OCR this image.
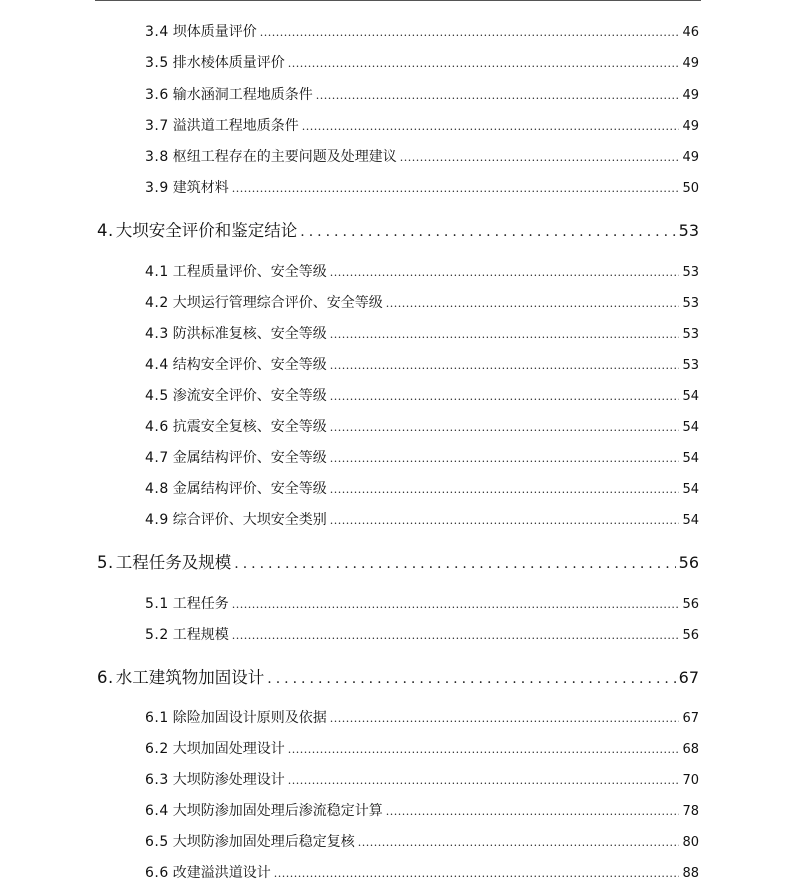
3.4 坝体质量评价 .....	46
3.5 排水棱体质量评价 .....	49
3.6 输水涵洞工程地质条件 .....	49
3.7 溢洪道工程地质条件 .....	49
3.8 枢纽工程存在的主要问题及处理建议 .....	49
3.9 建筑材料 .....	50
4. 大坝安全评价和鉴定结论 .....	53
4.1 工程质量评价、安全等级 .....	53
4.2 大坝运行管理综合评价、安全等级 .....	53
4.3 防洪标准复核、安全等级 .....	53
4.4 结构安全评价、安全等级 .....	53
4.5 渗流安全评价、安全等级 .....	54
4.6 抗震安全复核、安全等级 .....	54
4.7 金属结构评价、安全等级 .....	54
4.8 金属结构评价、安全等级 .....	54
4.9 综合评价、大坝安全类别 .....	54
5. 工程任务及规模 .....	56
5.1 工程任务 .....	56
5.2 工程规模 .....	56
6. 水工建筑物加固设计 .....	67
6.1 除险加固设计原则及依据 .....	67
6.2 大坝加固处理设计 .....	68
6.3 大坝防渗处理设计 .....	70
6.4 大坝防渗加固处理后渗流稳定计算 .....	78
6.5 大坝防渗加固处理后稳定复核 .....	80
6.6 改建溢洪道设计 .....	88
